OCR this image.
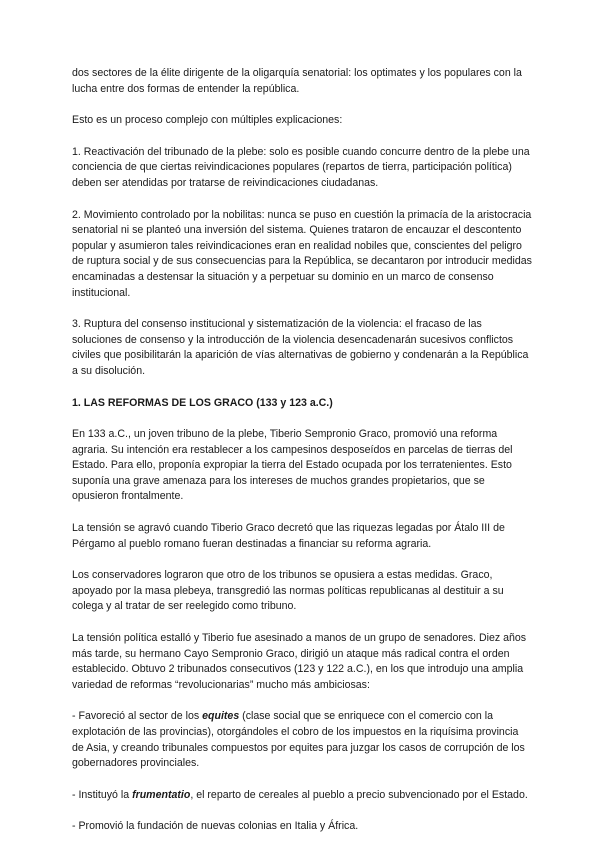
dos sectores de la élite dirigente de la oligarquía senatorial: los optimates y los populares con la lucha entre dos formas de entender la república.

Esto es un proceso complejo con múltiples explicaciones:

1. Reactivación del tribunado de la plebe: solo es posible cuando concurre dentro de la plebe una conciencia de que ciertas reivindicaciones populares (repartos de tierra, participación política) deben ser atendidas por tratarse de reivindicaciones ciudadanas.

2. Movimiento controlado por la nobilitas: nunca se puso en cuestión la primacía de la aristocracia senatorial ni se planteó una inversión del sistema. Quienes trataron de encauzar el descontento popular y asumieron tales reivindicaciones eran en realidad nobiles que, conscientes del peligro de ruptura social y de sus consecuencias para la República, se decantaron por introducir medidas encaminadas a destensar la situación y a perpetuar su dominio en un marco de consenso institucional.

3. Ruptura del consenso institucional y sistematización de la violencia: el fracaso de las soluciones de consenso y la introducción de la violencia desencadenarán sucesivos conflictos civiles que posibilitarán la aparición de vías alternativas de gobierno y condenarán a la República a su disolución.

1. LAS REFORMAS DE LOS GRACO (133 y 123 a.C.)

En 133 a.C., un joven tribuno de la plebe, Tiberio Sempronio Graco, promovió una reforma agraria. Su intención era restablecer a los campesinos desposeídos en parcelas de tierras del Estado. Para ello, proponía expropiar la tierra del Estado ocupada por los terratenientes. Esto suponía una grave amenaza para los intereses de muchos grandes propietarios, que se opusieron frontalmente.

La tensión se agravó cuando Tiberio Graco decretó que las riquezas legadas por Átalo III de Pérgamo al pueblo romano fueran destinadas a financiar su reforma agraria.

Los conservadores lograron que otro de los tribunos se opusiera a estas medidas. Graco, apoyado por la masa plebeya, transgredió las normas políticas republicanas al destituir a su colega y al tratar de ser reelegido como tribuno.

La tensión política estalló y Tiberio fue asesinado a manos de un grupo de senadores. Diez años más tarde, su hermano Cayo Sempronio Graco, dirigió un ataque más radical contra el orden establecido. Obtuvo 2 tribunados consecutivos (123 y 122 a.C.), en los que introdujo una amplia variedad de reformas “revolucionarias” mucho más ambiciosas:

- Favoreció al sector de los equites (clase social que se enriquece con el comercio con la explotación de las provincias), otorgándoles el cobro de los impuestos en la riquísima provincia de Asia, y creando tribunales compuestos por equites para juzgar los casos de corrupción de los gobernadores provinciales.

- Instituyó la frumentatio, el reparto de cereales al pueblo a precio subvencionado por el Estado.

- Promovió la fundación de nuevas colonias en Italia y África.
